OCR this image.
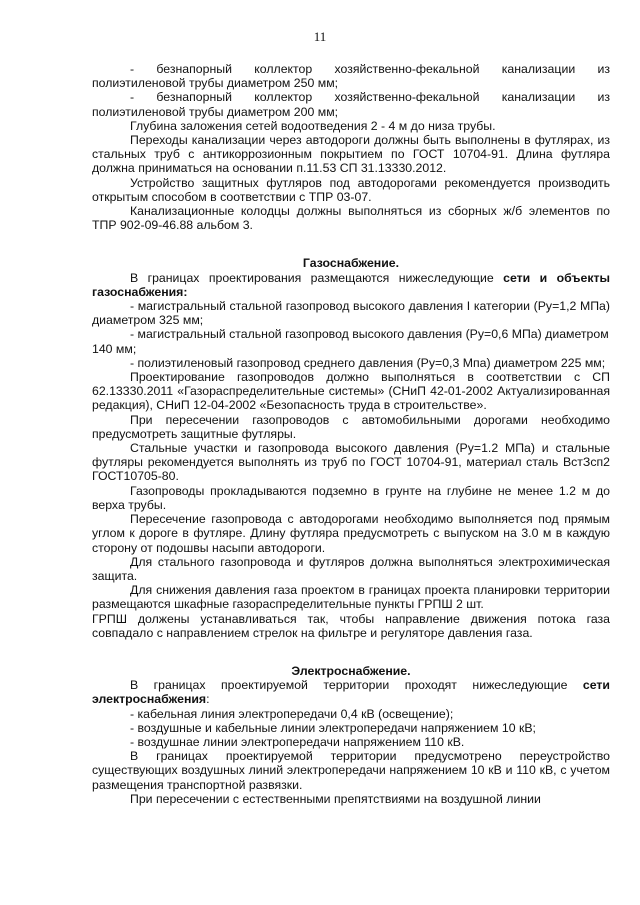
11

- безнапорный коллектор хозяйственно-фекальной канализации из полиэтиленовой трубы диаметром 250 мм;

- безнапорный коллектор хозяйственно-фекальной канализации из полиэтиленовой трубы диаметром 200 мм;

Глубина заложения сетей водоотведения 2 - 4 м до низа трубы.

Переходы канализации через автодороги должны быть выполнены в футлярах, из стальных труб с антикоррозионным покрытием по ГОСТ 10704-91. Длина футляра должна приниматься на основании п.11.53 СП 31.13330.2012.

Устройство защитных футляров под автодорогами рекомендуется производить открытым способом в соответствии с ТПР 03-07.

Канализационные колодцы должны выполняться из сборных ж/б элементов по ТПР 902-09-46.88 альбом 3.

Газоснабжение.

В границах проектирования размещаются нижеследующие сети и объекты газоснабжения:

- магистральный стальной газопровод высокого давления I категории (Ру=1,2 МПа) диаметром 325 мм;

- магистральный стальной газопровод высокого давления (Ру=0,6 МПа) диаметром

140 мм;

- полиэтиленовый газопровод среднего давления (Ру=0,3 Мпа) диаметром 225 мм;

Проектирование газопроводов должно выполняться в соответствии с СП 62.13330.2011 «Газораспределительные системы» (СНиП 42-01-2002 Актуализированная редакция), СНиП 12-04-2002 «Безопасность труда в строительстве».

При пересечении газопроводов с автомобильными дорогами необходимо предусмотреть защитные футляры.

Стальные участки и газопровода высокого давления (Ру=1.2 МПа) и стальные футляры рекомендуется выполнять из труб по ГОСТ 10704-91, материал сталь ВстЗсп2 ГОСТ10705-80.

Газопроводы прокладываются подземно в грунте на глубине не менее 1.2 м до верха трубы.

Пересечение газопровода с автодорогами необходимо выполняется под прямым углом к дороге в футляре. Длину футляра предусмотреть с выпуском на 3.0 м в каждую сторону от подошвы насыпи автодороги.

Для стального газопровода и футляров должна выполняться электрохимическая защита.

Для снижения давления газа проектом в границах проекта планировки территории размещаются шкафные газораспределительные пункты ГРПШ 2 шт.

ГРПШ должены устанавливаться так, чтобы направление движения потока газа совпадало с направлением стрелок на фильтре и регуляторе давления газа.

Электроснабжение.

В границах проектируемой территории проходят нижеследующие сети электроснабжения:

- кабельная линия электропередачи 0,4 кВ (освещение);

- воздушные и кабельные линии электропередачи напряжением 10 кВ;

- воздушнае линии электропередачи напряжением 110 кВ.

В границах проектируемой территории предусмотрено переустройство существующих воздушных линий электропередачи напряжением 10 кВ и 110 кВ, с учетом размещения транспортной развязки.

При пересечении с естественными препятствиями на воздушной линии
